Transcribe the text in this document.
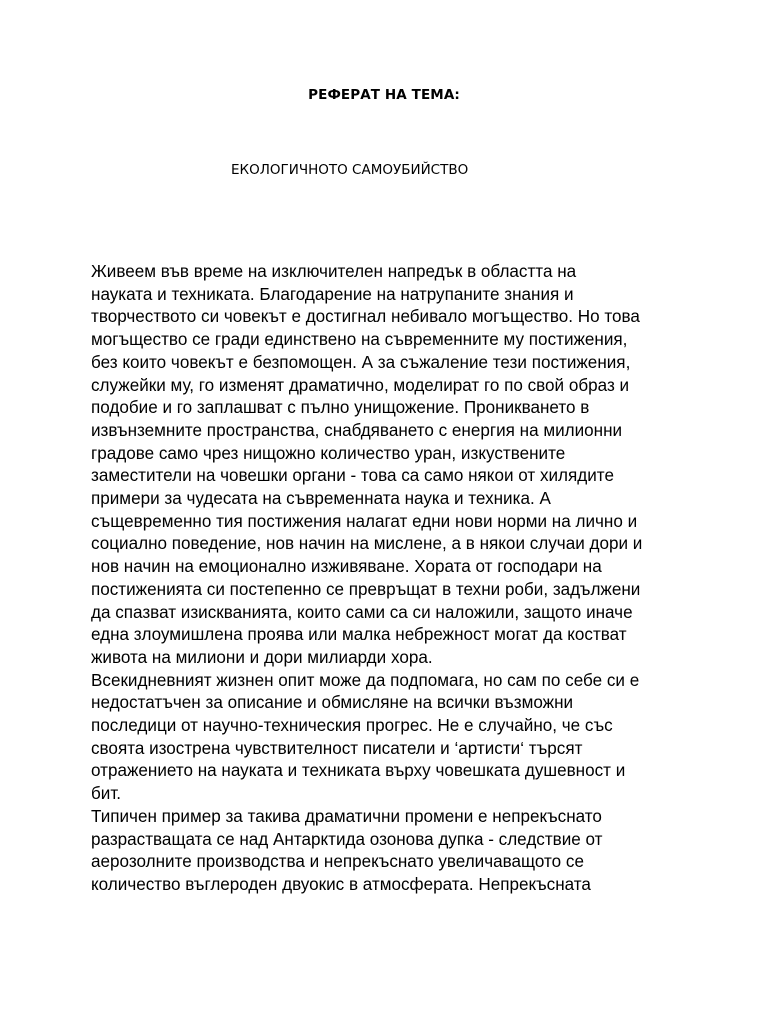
РЕФЕРАТ НА ТЕМА:
ЕКОЛОГИЧНОТО САМОУБИЙСТВО

Живеем във време на изключителен напредък в областта на

науката и техниката. Благодарение на натрупаните знания и

творчеството си човекът е достигнал небивало могъщество. Но това

могъщество се гради единствено на съвременните му постижения,

без които човекът е безпомощен. А за съжаление тези постижения,

служейки му, го изменят драматично, моделират го по свой образ и

подобие и го заплашват с пълно унищожение. Проникването в

извънземните пространства, снабдяването с енергия на милионни

градове само чрез нищожно количество уран, изкуствените

заместители на човешки органи - това са само някои от хилядите

примери за чудесата на съвременната наука и техника. А

същевременно тия постижения налагат едни нови норми на лично и

социално поведение, нов начин на мислене, а в някои случаи дори и

нов начин на емоционално изживяване. Хората от господари на

постиженията си постепенно се превръщат в техни роби, задължени

да спазват изискванията, които сами са си наложили, защото иначе

една злоумишлена проява или малка небрежност могат да костват

живота на милиони и дори милиарди хора.

Всекидневният жизнен опит може да подпомага, но сам по себе си е

недостатъчен за описание и обмисляне на всички възможни

последици от научно-техническия прогрес. Не е случайно, че със

своята изострена чувствителност писатели и ‘артисти‘ търсят

отражението на науката и техниката върху човешката душевност и

бит.

Типичен пример за такива драматични промени е непрекъснато

разрастващата се над Антарктида озонова дупка - следствие от

аерозолните производства и непрекъснато увеличаващото се

количество въглероден двуокис в атмосферата. Непрекъсната
